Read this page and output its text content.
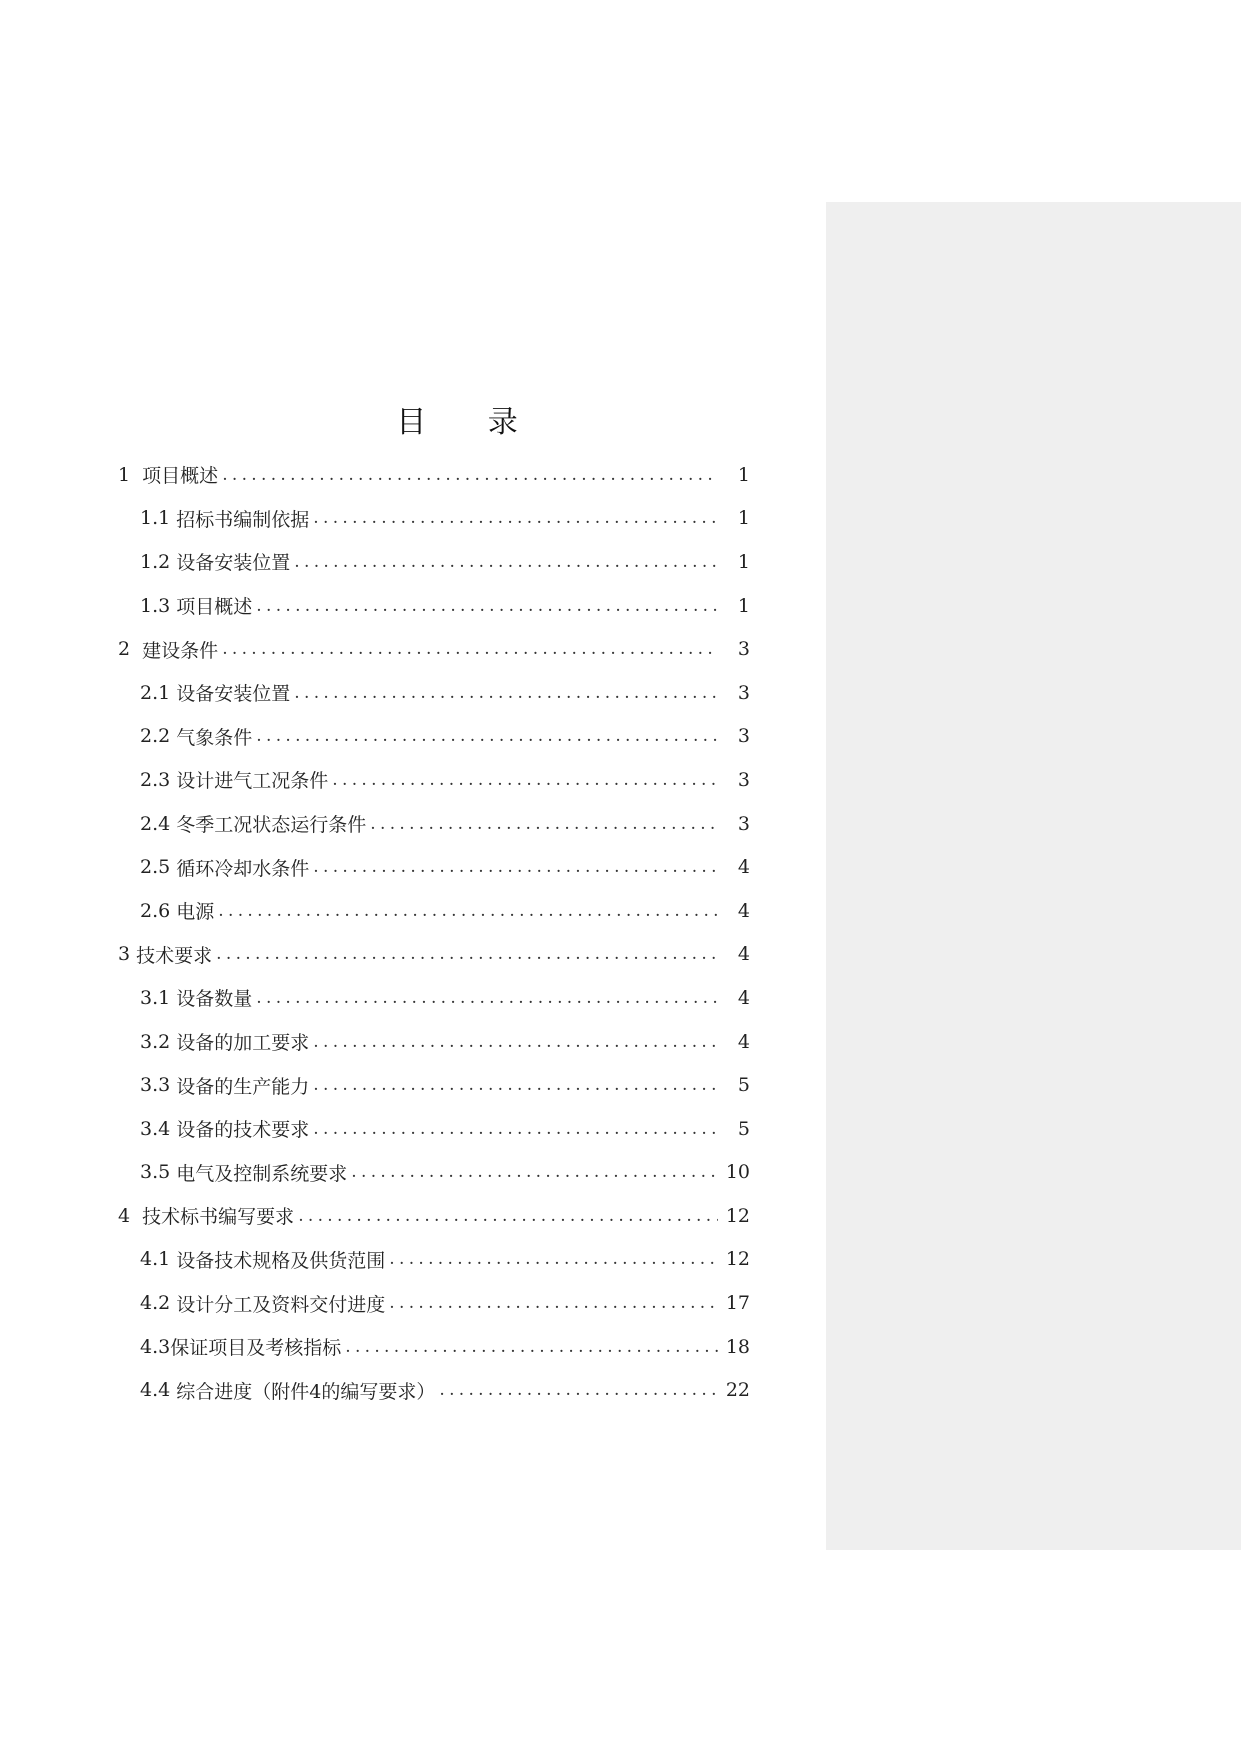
目 录
1 项目概述 .....	1
1.1 招标书编制依据 .....	1
1.2 设备安装位置 .....	1
1.3 项目概述 .....	1
2 建设条件 .....	3
2.1 设备安装位置 .....	3
2.2 气象条件 .....	3
2.3 设计进气工况条件 .....	3
2.4 冬季工况状态运行条件 .....	3
2.5 循环冷却水条件 .....	4
2.6 电源 .....	4
3 技术要求 .....	4
3.1 设备数量 .....	4
3.2 设备的加工要求 .....	4
3.3 设备的生产能力 .....	5
3.4 设备的技术要求 .....	5
3.5 电气及控制系统要求 .....	10
4 技术标书编写要求 .....	12
4.1 设备技术规格及供货范围 .....	12
4.2 设计分工及资料交付进度 .....	17
4.3 保证项目及考核指标 .....	18
4.4 综合进度（附件4的编写要求） .....	22
